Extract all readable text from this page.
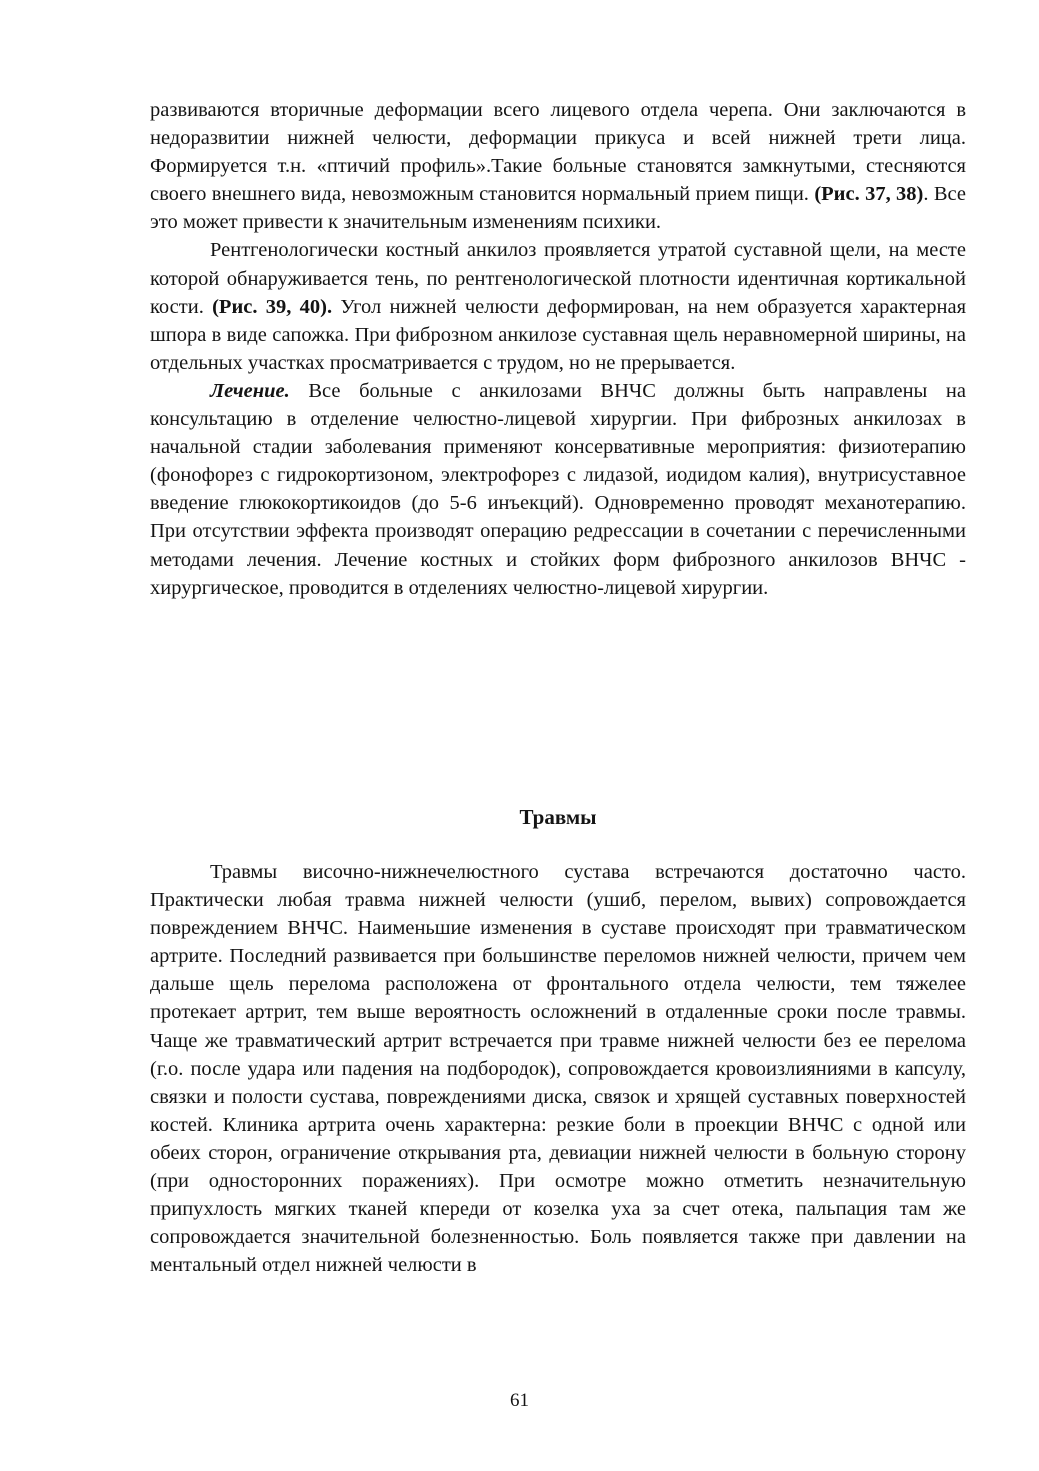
развиваются вторичные деформации всего лицевого отдела черепа. Они заключаются в недоразвитии нижней челюсти, деформации прикуса и всей нижней трети лица. Формируется т.н. «птичий профиль».Такие больные становятся замкнутыми, стесняются своего внешнего вида, невозможным становится нормальный прием пищи. (Рис. 37, 38). Все это может привести к значительным изменениям психики.

Рентгенологически костный анкилоз проявляется утратой суставной щели, на месте которой обнаруживается тень, по рентгенологической плотности идентичная кортикальной кости. (Рис. 39, 40). Угол нижней челюсти деформирован, на нем образуется характерная шпора в виде сапожка. При фиброзном анкилозе суставная щель неравномерной ширины, на отдельных участках просматривается с трудом, но не прерывается.

Лечение. Все больные с анкилозами ВНЧС должны быть направлены на консультацию в отделение челюстно-лицевой хирургии. При фиброзных анкилозах в начальной стадии заболевания применяют консервативные мероприятия: физиотерапию (фонофорез с гидрокортизоном, электрофорез с лидазой, иодидом калия), внутрисуставное введение глюкокортикоидов (до 5-6 инъекций). Одновременно проводят механотерапию. При отсутствии эффекта производят операцию редрессации в сочетании с перечисленными методами лечения. Лечение костных и стойких форм фиброзного анкилозов ВНЧС - хирургическое, проводится в отделениях челюстно-лицевой хирургии.

Травмы

Травмы височно-нижнечелюстного сустава встречаются достаточно часто. Практически любая травма нижней челюсти (ушиб, перелом, вывих) сопровождается повреждением ВНЧС. Наименьшие изменения в суставе происходят при травматическом артрите. Последний развивается при большинстве переломов нижней челюсти, причем чем дальше щель перелома расположена от фронтального отдела челюсти, тем тяжелее протекает артрит, тем выше вероятность осложнений в отдаленные сроки после травмы. Чаще же травматический артрит встречается при травме нижней челюсти без ее перелома (г.о. после удара или падения на подбородок), сопровождается кровоизлияниями в капсулу, связки и полости сустава, повреждениями диска, связок и хрящей суставных поверхностей костей. Клиника артрита очень характерна: резкие боли в проекции ВНЧС с одной или обеих сторон, ограничение открывания рта, девиации нижней челюсти в больную сторону (при односторонних поражениях). При осмотре можно отметить незначительную припухлость мягких тканей кпереди от козелка уха за счет отека, пальпация там же сопровождается значительной болезненностью. Боль появляется также при давлении на ментальный отдел нижней челюсти в

61
